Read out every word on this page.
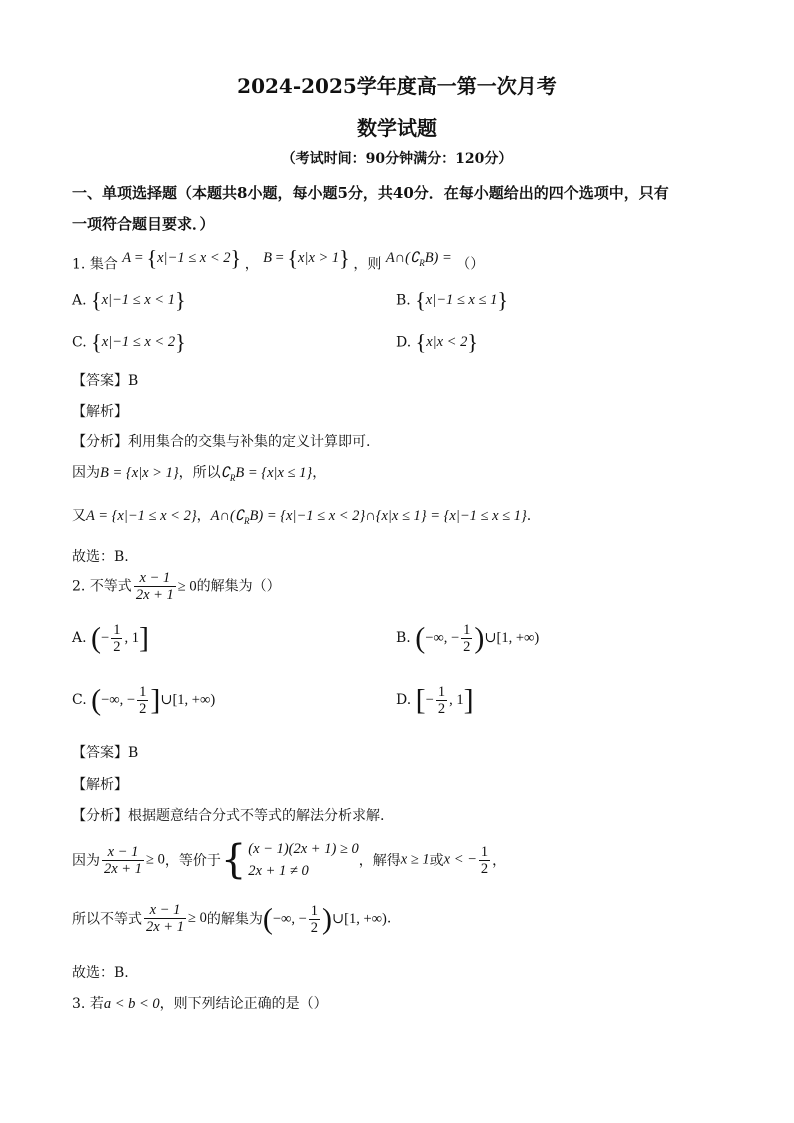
2024-2025学年度高一第一次月考
数学试题
（考试时间：90分钟满分：120分）
一、单项选择题（本题共8小题，每小题5分，共40分．在每小题给出的四个选项中，只有
一项符合题目要求．）
1. 集合 A = {x|−1 ≤ x < 2} ， B = {x|x > 1} ，则 $A\cap(∁_RB)$ = （）
A. {x|−1 ≤ x < 1}	B. {x|−1 ≤ x ≤ 1}
C. {x|−1 ≤ x < 2}	D. {x|x < 2}
【答案】B
【解析】
【分析】利用集合的交集与补集的定义计算即可.
因为B = {x|x > 1}，所以$∁_RB = \{x|x \le 1\}$，
又A = {x|−1 ≤ x < 2}，$A\cap(∁_RB) = \{x|-1 \le x$ < 2}∩{x|x ≤ 1} = {x|−1 ≤ x ≤ 1}.
故选：B.
2. 不等式 $\frac{x - 1}{2x + 1} \ge 0$的解集为（）
A. (− $\frac{1}{2}$ , 1]	B. (−∞, − $\frac{1}{2}$ )∪[1, +∞)
C. (−∞, − $\frac{1}{2}$ ]∪[1, +∞)	D. [− $\frac{1}{2}$ , 1]
【答案】B
【解析】
【分析】根据题意结合分式不等式的解法分析求解.
因为 $\frac{x - 1}{2x + 1} \ge 0$，等价于{ (x − 1)(2x + 1) ≥ 0
2x + 1 ≠ 0
，解得x ≥ 1或x < − $\frac{1}{2}$ ，
所以不等式 $\frac{x - 1}{2x + 1} \ge 0$的解集为(−∞, − $\frac{1}{2}$ )∪[1, +∞).
故选：B.
3. 若a < b < 0，则下列结论正确的是（）
